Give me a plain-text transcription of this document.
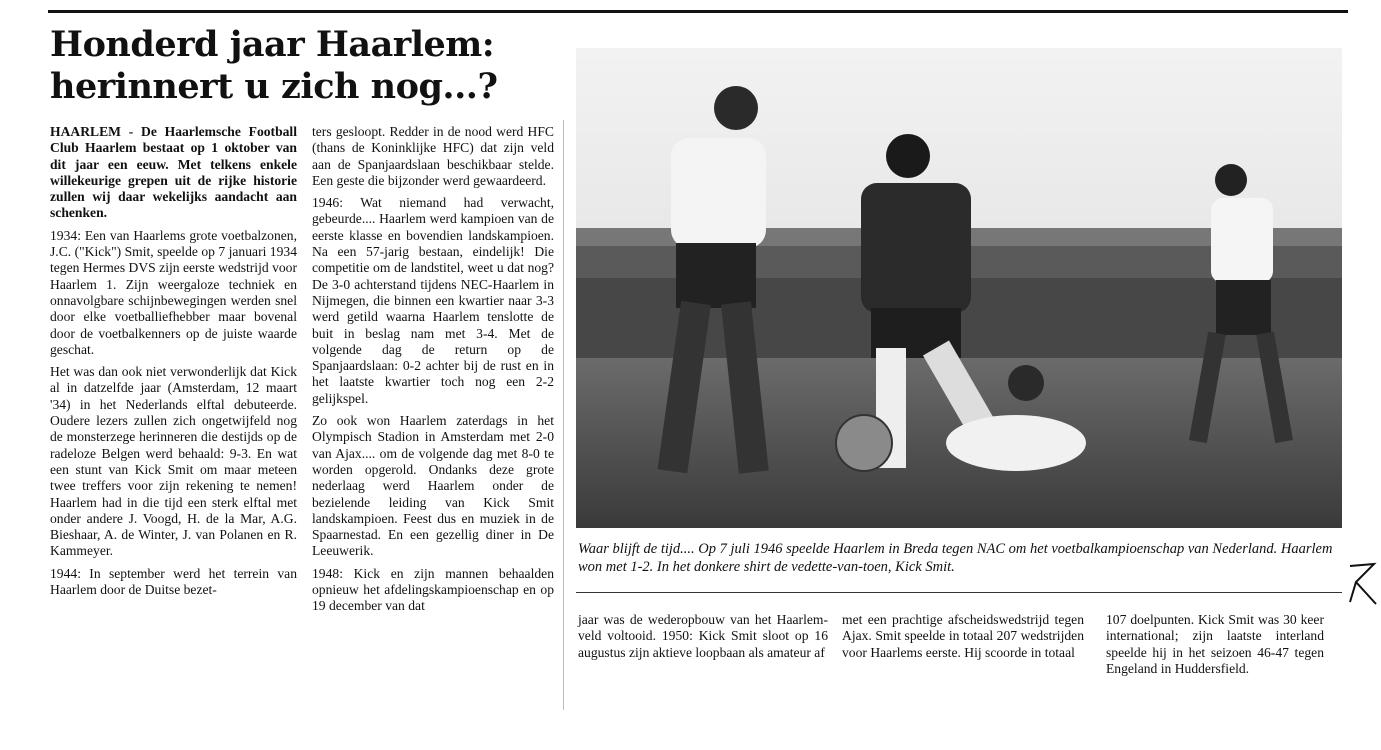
Honderd jaar Haarlem: herinnert u zich nog...?

HAARLEM - De Haarlemsche Football Club Haarlem bestaat op 1 oktober van dit jaar een eeuw. Met telkens enkele willekeurige grepen uit de rijke historie zullen wij daar wekelijks aandacht aan schenken.

1934: Een van Haarlems grote voetbalzonen, J.C. ("Kick") Smit, speelde op 7 januari 1934 tegen Hermes DVS zijn eerste wedstrijd voor Haarlem 1. Zijn weergaloze techniek en onnavolgbare schijnbewegingen werden snel door elke voetballiefhebber maar bovenal door de voetbalkenners op de juiste waarde geschat.

Het was dan ook niet verwonderlijk dat Kick al in datzelfde jaar (Amsterdam, 12 maart '34) in het Nederlands elftal debuteerde. Oudere lezers zullen zich ongetwijfeld nog de monsterzege herinneren die destijds op de radeloze Belgen werd behaald: 9-3. En wat een stunt van Kick Smit om maar meteen twee treffers voor zijn rekening te nemen! Haarlem had in die tijd een sterk elftal met onder andere J. Voogd, H. de la Mar, A.G. Bieshaar, A. de Winter, J. van Polanen en R. Kammeyer.

1944: In september werd het terrein van Haarlem door de Duitse bezet-

ters gesloopt. Redder in de nood werd HFC (thans de Koninklijke HFC) dat zijn veld aan de Spanjaardslaan beschikbaar stelde. Een geste die bijzonder werd gewaardeerd.

1946: Wat niemand had verwacht, gebeurde.... Haarlem werd kampioen van de eerste klasse en bovendien landskampioen. Na een 57-jarig bestaan, eindelijk! Die competitie om de landstitel, weet u dat nog? De 3-0 achterstand tijdens NEC-Haarlem in Nijmegen, die binnen een kwartier naar 3-3 werd getild waarna Haarlem tenslotte de buit in beslag nam met 3-4. Met de volgende dag de return op de Spanjaardslaan: 0-2 achter bij de rust en in het laatste kwartier toch nog een 2-2 gelijkspel.

Zo ook won Haarlem zaterdags in het Olympisch Stadion in Amsterdam met 2-0 van Ajax.... om de volgende dag met 8-0 te worden opgerold. Ondanks deze grote nederlaag werd Haarlem onder de bezielende leiding van Kick Smit landskampioen. Feest dus en muziek in de Spaarnestad. En een gezellig diner in De Leeuwerik.

1948: Kick en zijn mannen behaalden opnieuw het afdelingskampioenschap en op 19 december van dat

Waar blijft de tijd.... Op 7 juli 1946 speelde Haarlem in Breda tegen NAC om het voetbalkampioenschap van Nederland. Haarlem won met 1-2. In het donkere shirt de vedette-van-toen, Kick Smit.

jaar was de wederopbouw van het Haarlem-veld voltooid. 1950: Kick Smit sloot op 16 augustus zijn aktieve loopbaan als amateur af

met een prachtige afscheidswedstrijd tegen Ajax. Smit speelde in totaal 207 wedstrijden voor Haarlems eerste. Hij scoorde in totaal

107 doelpunten. Kick Smit was 30 keer international; zijn laatste interland speelde hij in het seizoen 46-47 tegen Engeland in Huddersfield.
